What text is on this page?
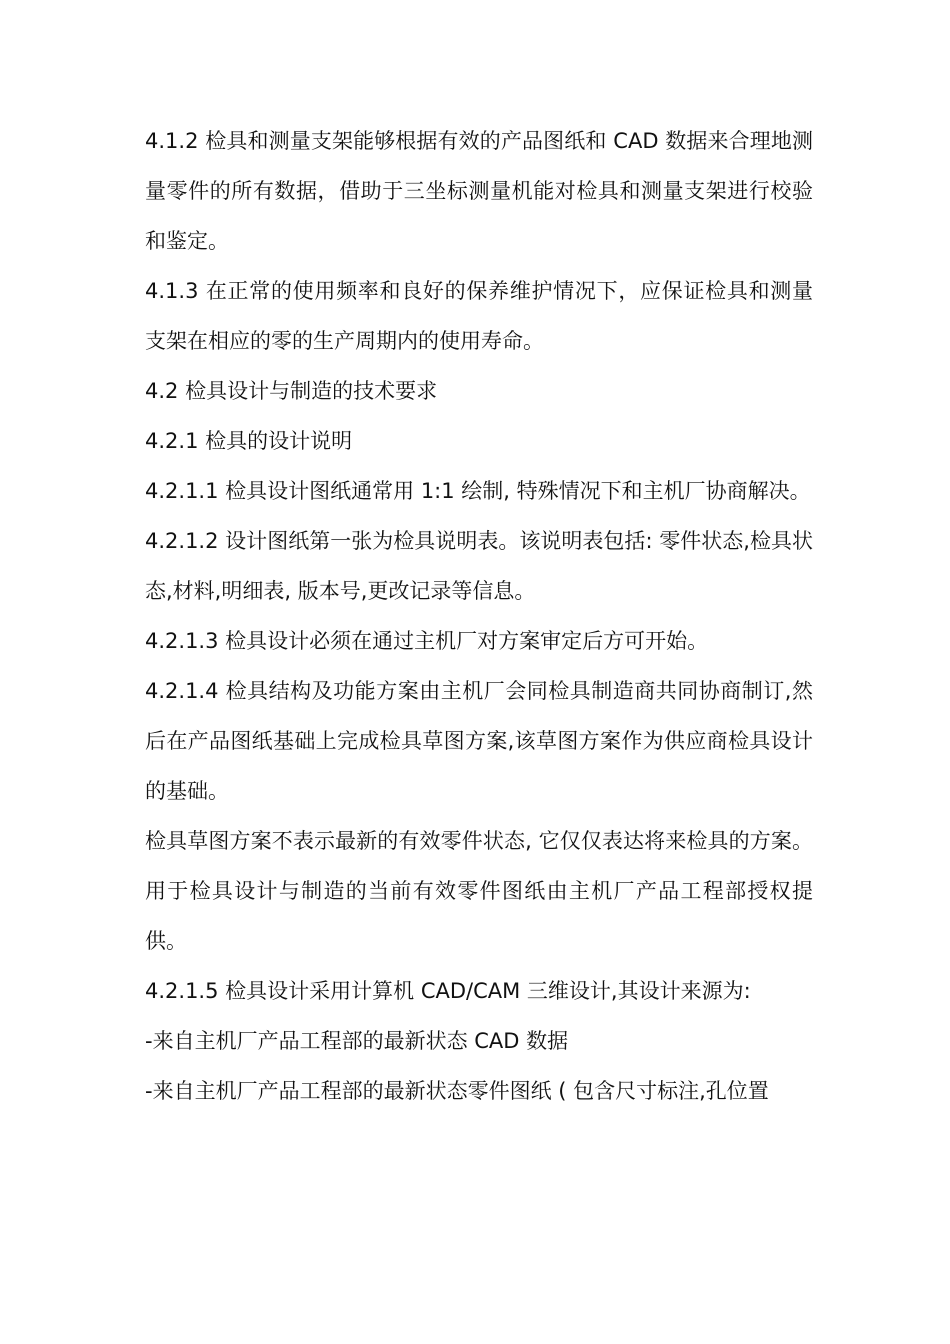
4.1.2 检具和测量支架能够根据有效的产品图纸和 CAD 数据来合理地测量零件的所有数据，借助于三坐标测量机能对检具和测量支架进行校验和鉴定。

4.1.3 在正常的使用频率和良好的保养维护情况下，应保证检具和测量支架在相应的零的生产周期内的使用寿命。

4.2 检具设计与制造的技术要求

4.2.1 检具的设计说明

4.2.1.1 检具设计图纸通常用 1:1 绘制, 特殊情况下和主机厂协商解决。

4.2.1.2 设计图纸第一张为检具说明表。该说明表包括: 零件状态,检具状态,材料,明细表, 版本号,更改记录等信息。

4.2.1.3 检具设计必须在通过主机厂对方案审定后方可开始。

4.2.1.4 检具结构及功能方案由主机厂会同检具制造商共同协商制订,然后在产品图纸基础上完成检具草图方案,该草图方案作为供应商检具设计的基础。

检具草图方案不表示最新的有效零件状态, 它仅仅表达将来检具的方案。用于检具设计与制造的当前有效零件图纸由主机厂产品工程部授权提供。

4.2.1.5 检具设计采用计算机 CAD/CAM 三维设计,其设计来源为:

-来自主机厂产品工程部的最新状态 CAD 数据

-来自主机厂产品工程部的最新状态零件图纸 ( 包含尺寸标注,孔位置
